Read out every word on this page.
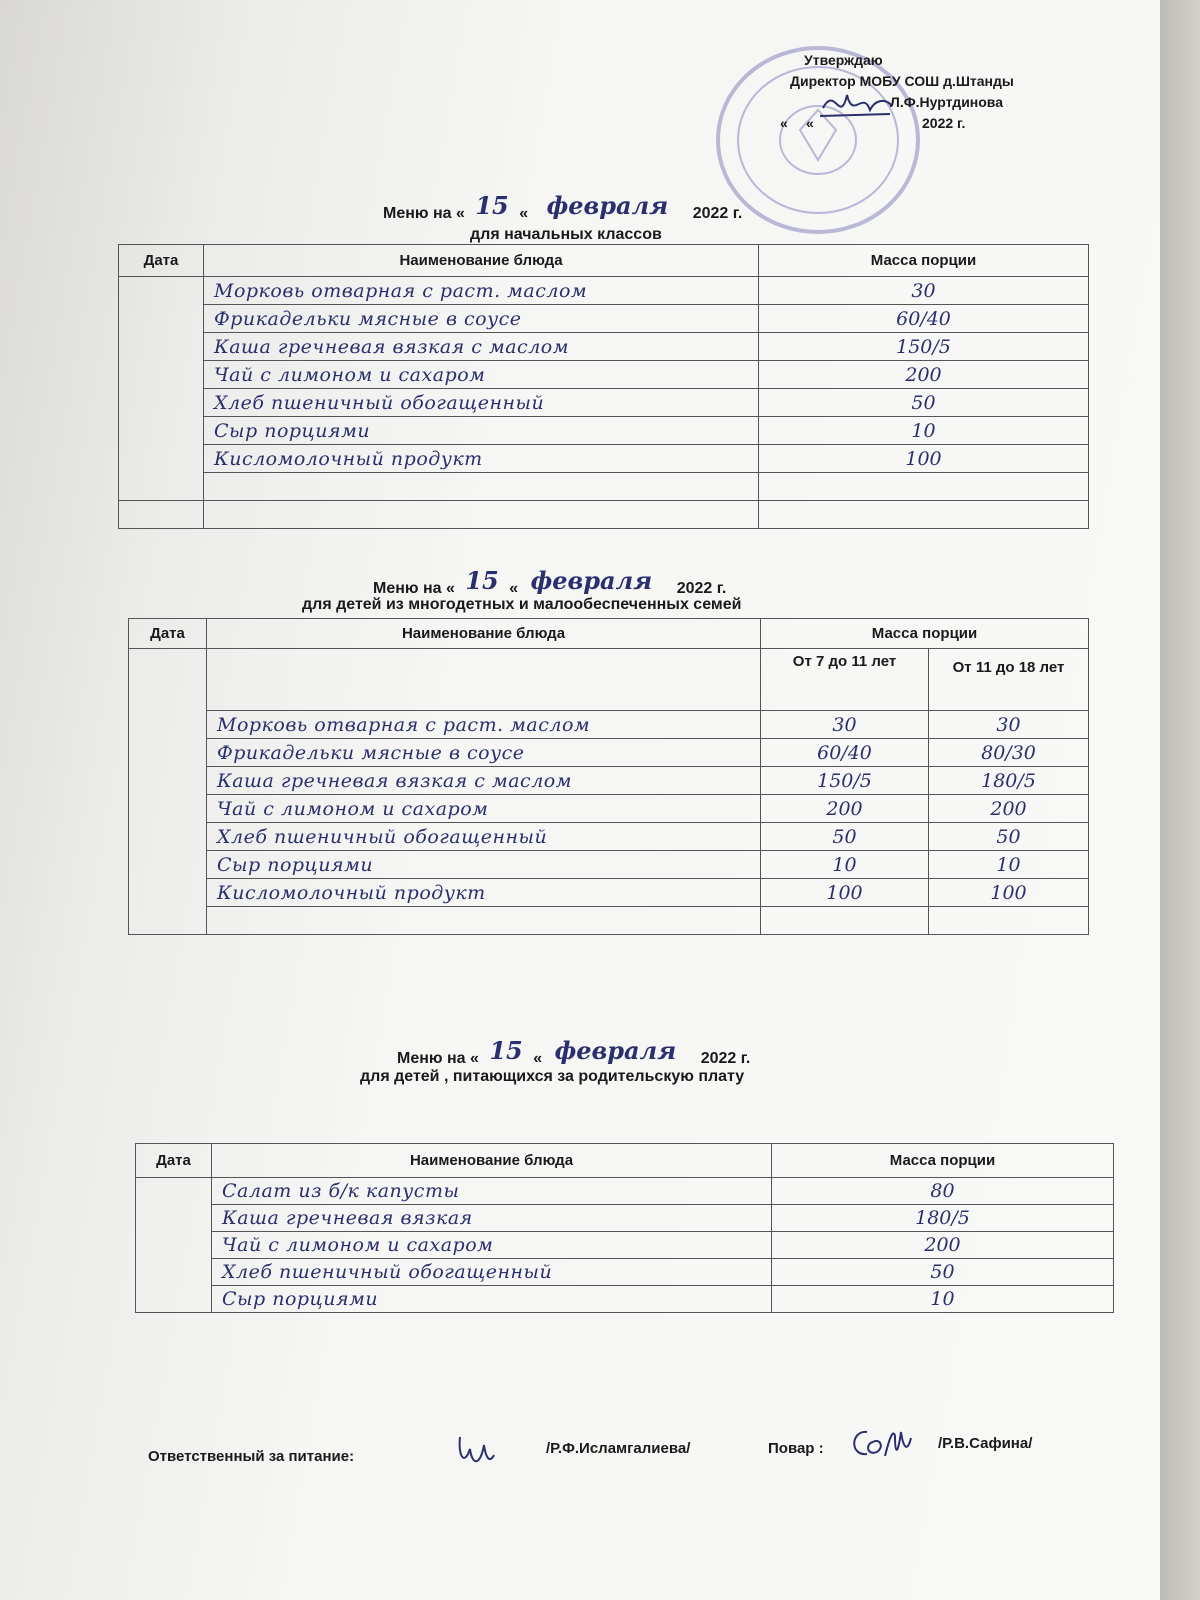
Утверждаю
Директор МОБУ СОШ д.Штанды
Л.Ф.Нуртдинова
« «	2022 г.
Меню на « 15 « февраля 2022 г.
для начальных классов
Дата	Наименование блюда	Масса порции
	Морковь отварная с раст. маслом	30
	Фрикадельки мясные в соусе	60/40
	Каша гречневая вязкая с маслом	150/5
	Чай с лимоном и сахаром	200
	Хлеб пшеничный обогащенный	50
	Сыр порциями	10
	Кисломолочный продукт	100

Меню на « 15 « февраля 2022 г.
для детей из многодетных и малообеспеченных семей
Дата	Наименование блюда	Масса порции	
		От 7 до 11 лет	От 11 до 18 лет
	Морковь отварная с раст. маслом	30	30
	Фрикадельки мясные в соусе	60/40	80/30
	Каша гречневая вязкая с маслом	150/5	180/5
	Чай с лимоном и сахаром	200	200
	Хлеб пшеничный обогащенный	50	50
	Сыр порциями	10	10
	Кисломолочный продукт	100	100

Меню на « 15 « февраля 2022 г.
для детей , питающихся за родительскую плату
Дата	Наименование блюда	Масса порции
	Салат из б/к капусты	80
	Каша гречневая вязкая	180/5
	Чай с лимоном и сахаром	200
	Хлеб пшеничный обогащенный	50
	Сыр порциями	10
Ответственный за питание:	/Р.Ф.Исламгалиева/	Повар :	/Р.В.Сафина/
